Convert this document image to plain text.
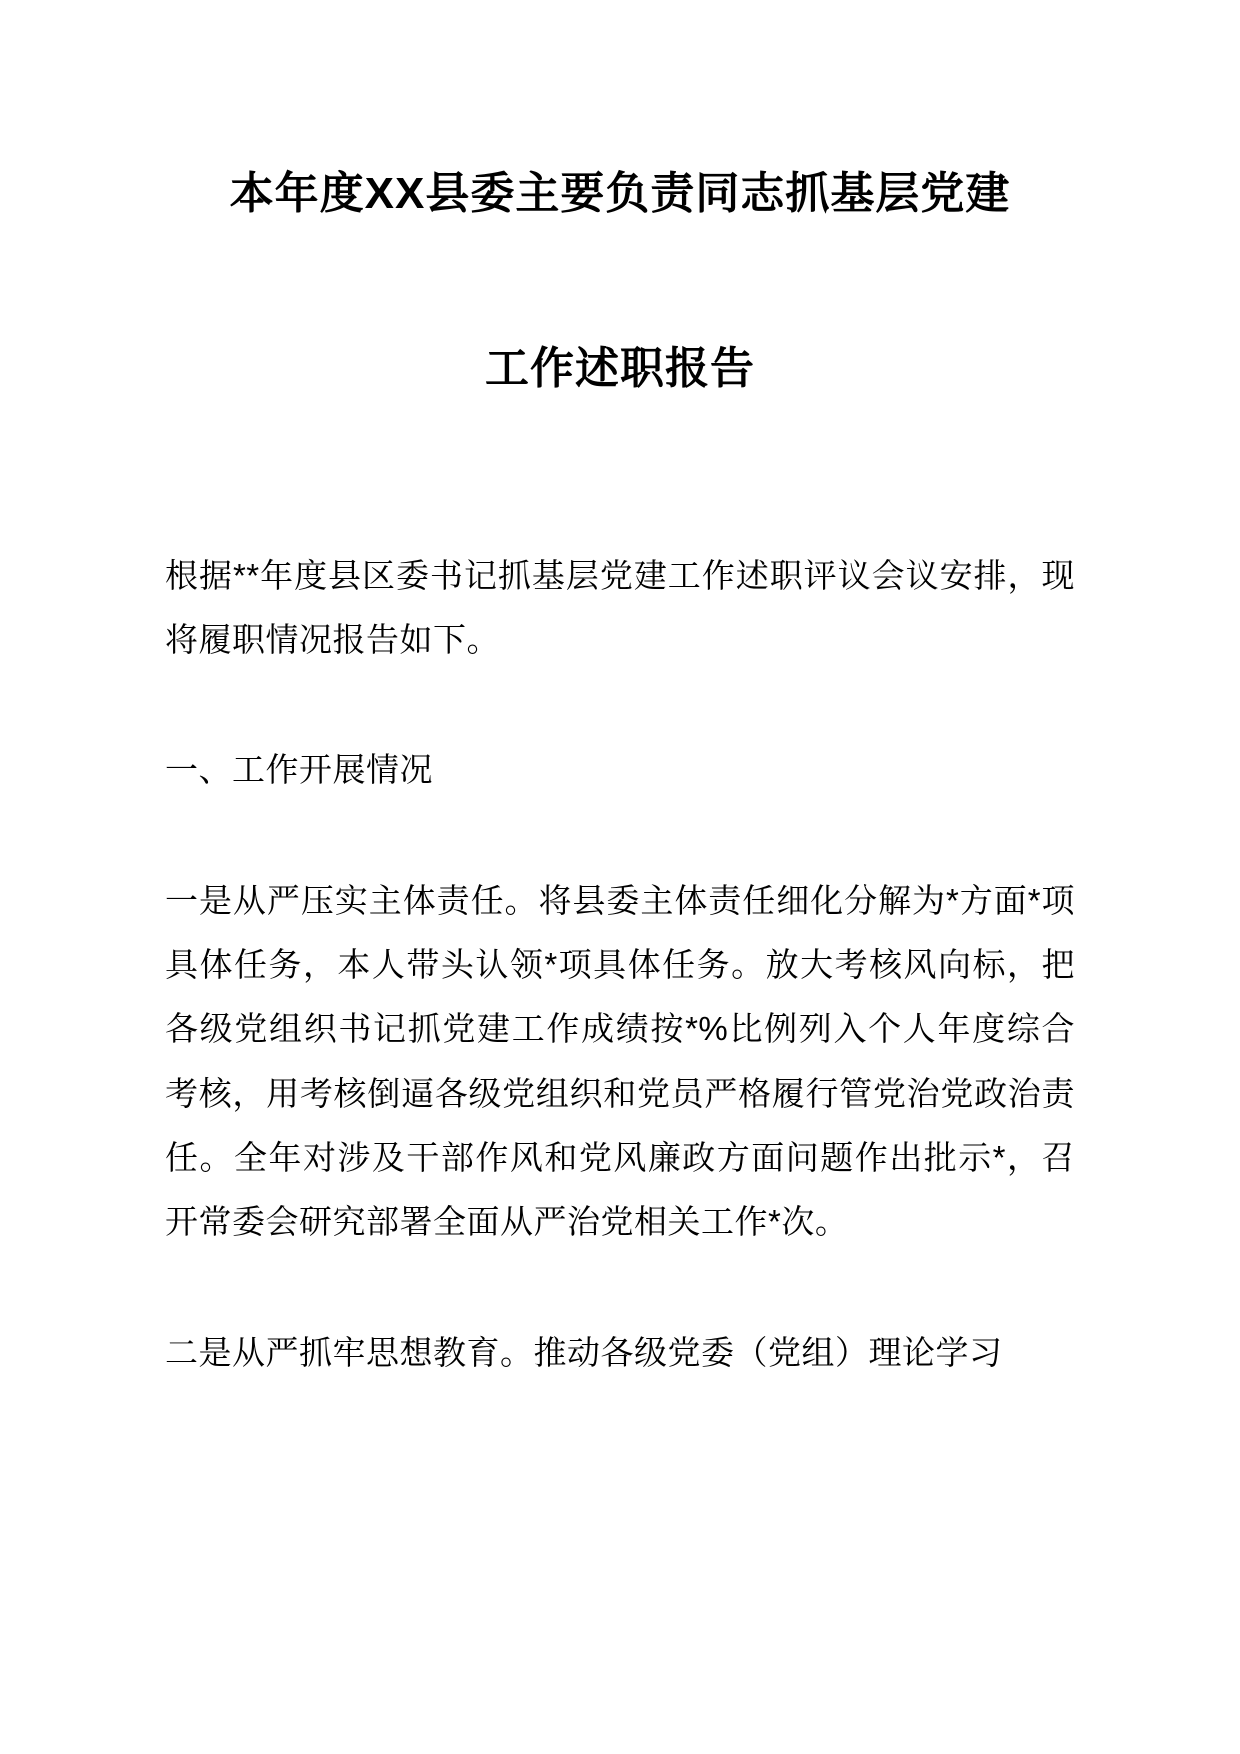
本年度XX县委主要负责同志抓基层党建
工作述职报告

根据**年度县区委书记抓基层党建工作述职评议会议安排，现将履职情况报告如下。

一、工作开展情况

一是从严压实主体责任。将县委主体责任细化分解为*方面*项具体任务，本人带头认领*项具体任务。放大考核风向标，把各级党组织书记抓党建工作成绩按*%比例列入个人年度综合考核，用考核倒逼各级党组织和党员严格履行管党治党政治责任。全年对涉及干部作风和党风廉政方面问题作出批示*，召开常委会研究部署全面从严治党相关工作*次。

二是从严抓牢思想教育。推动各级党委（党组）理论学习
